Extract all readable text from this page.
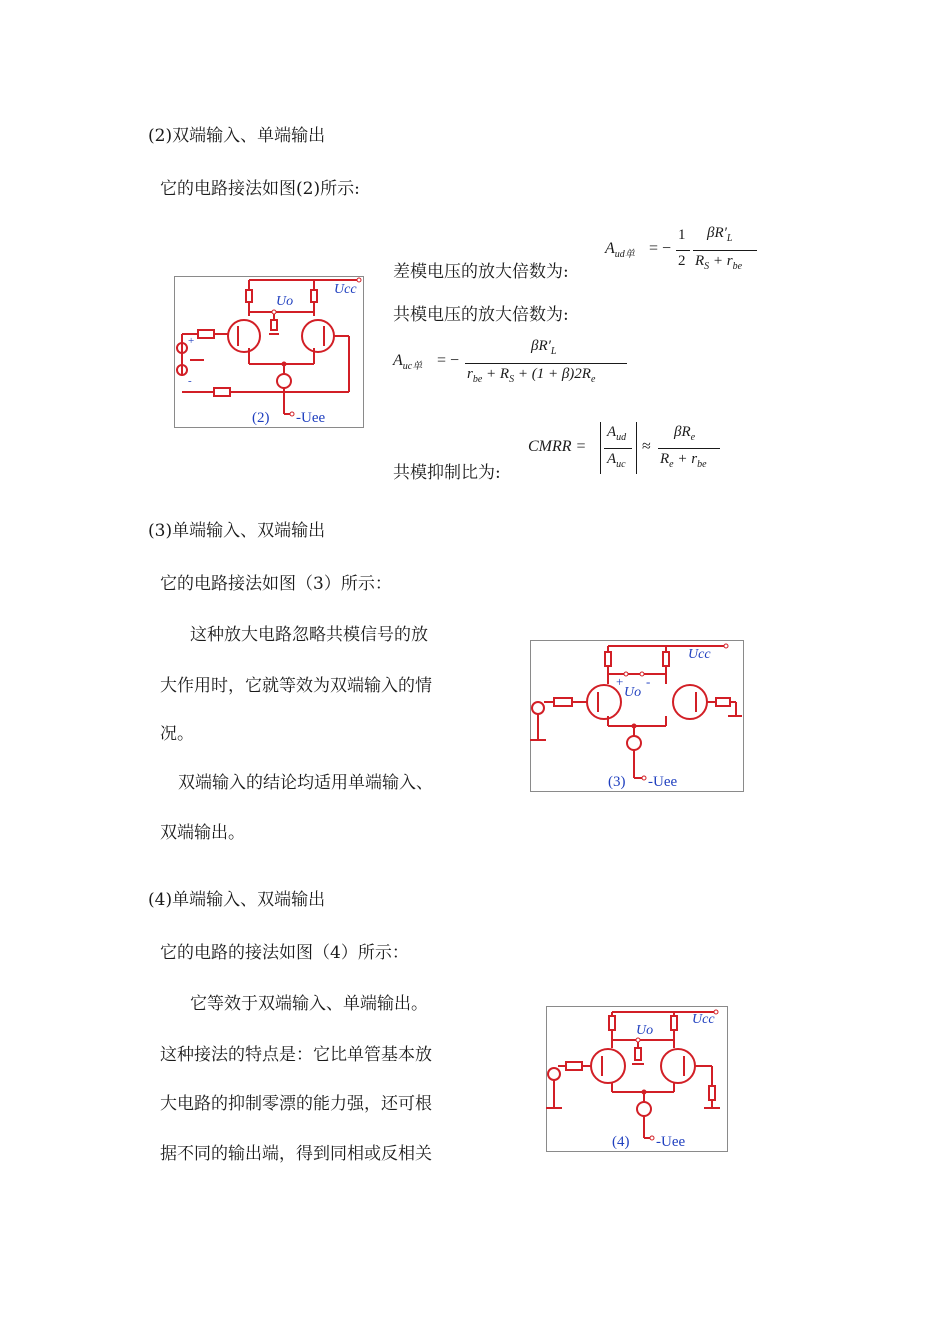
(2)双端输入、单端输出
它的电路接法如图(2)所示:
Ucc
Uo
+
-
(2) -Uee
$A_{ud单}$ = −
1
2
$\beta R'_L$
$R_S + r_{be}$
差模电压的放大倍数为:
共模电压的放大倍数为:
$A_{uc单}$ = −
$\beta R'_L$
$r_{be} + R_S + (1 + \beta)2R_e$
CMRR =
$A_{ud}$
$A_{uc}$
≈
$\beta R_e$
$R_e + r_{be}$
共模抑制比为:
(3)单端输入、双端输出
它的电路接法如图（3）所示：
这种放大电路忽略共模信号的放
大作用时，它就等效为双端输入的情
况。
双端输入的结论均适用单端输入、
双端输出。
Ucc
+ -
Uo
(3) -Uee
(4)单端输入、双端输出
它的电路的接法如图（4）所示：
它等效于双端输入、单端输出。
这种接法的特点是：它比单管基本放
大电路的抑制零漂的能力强，还可根
据不同的输出端，得到同相或反相关
Ucc
Uo
(4) -Uee
